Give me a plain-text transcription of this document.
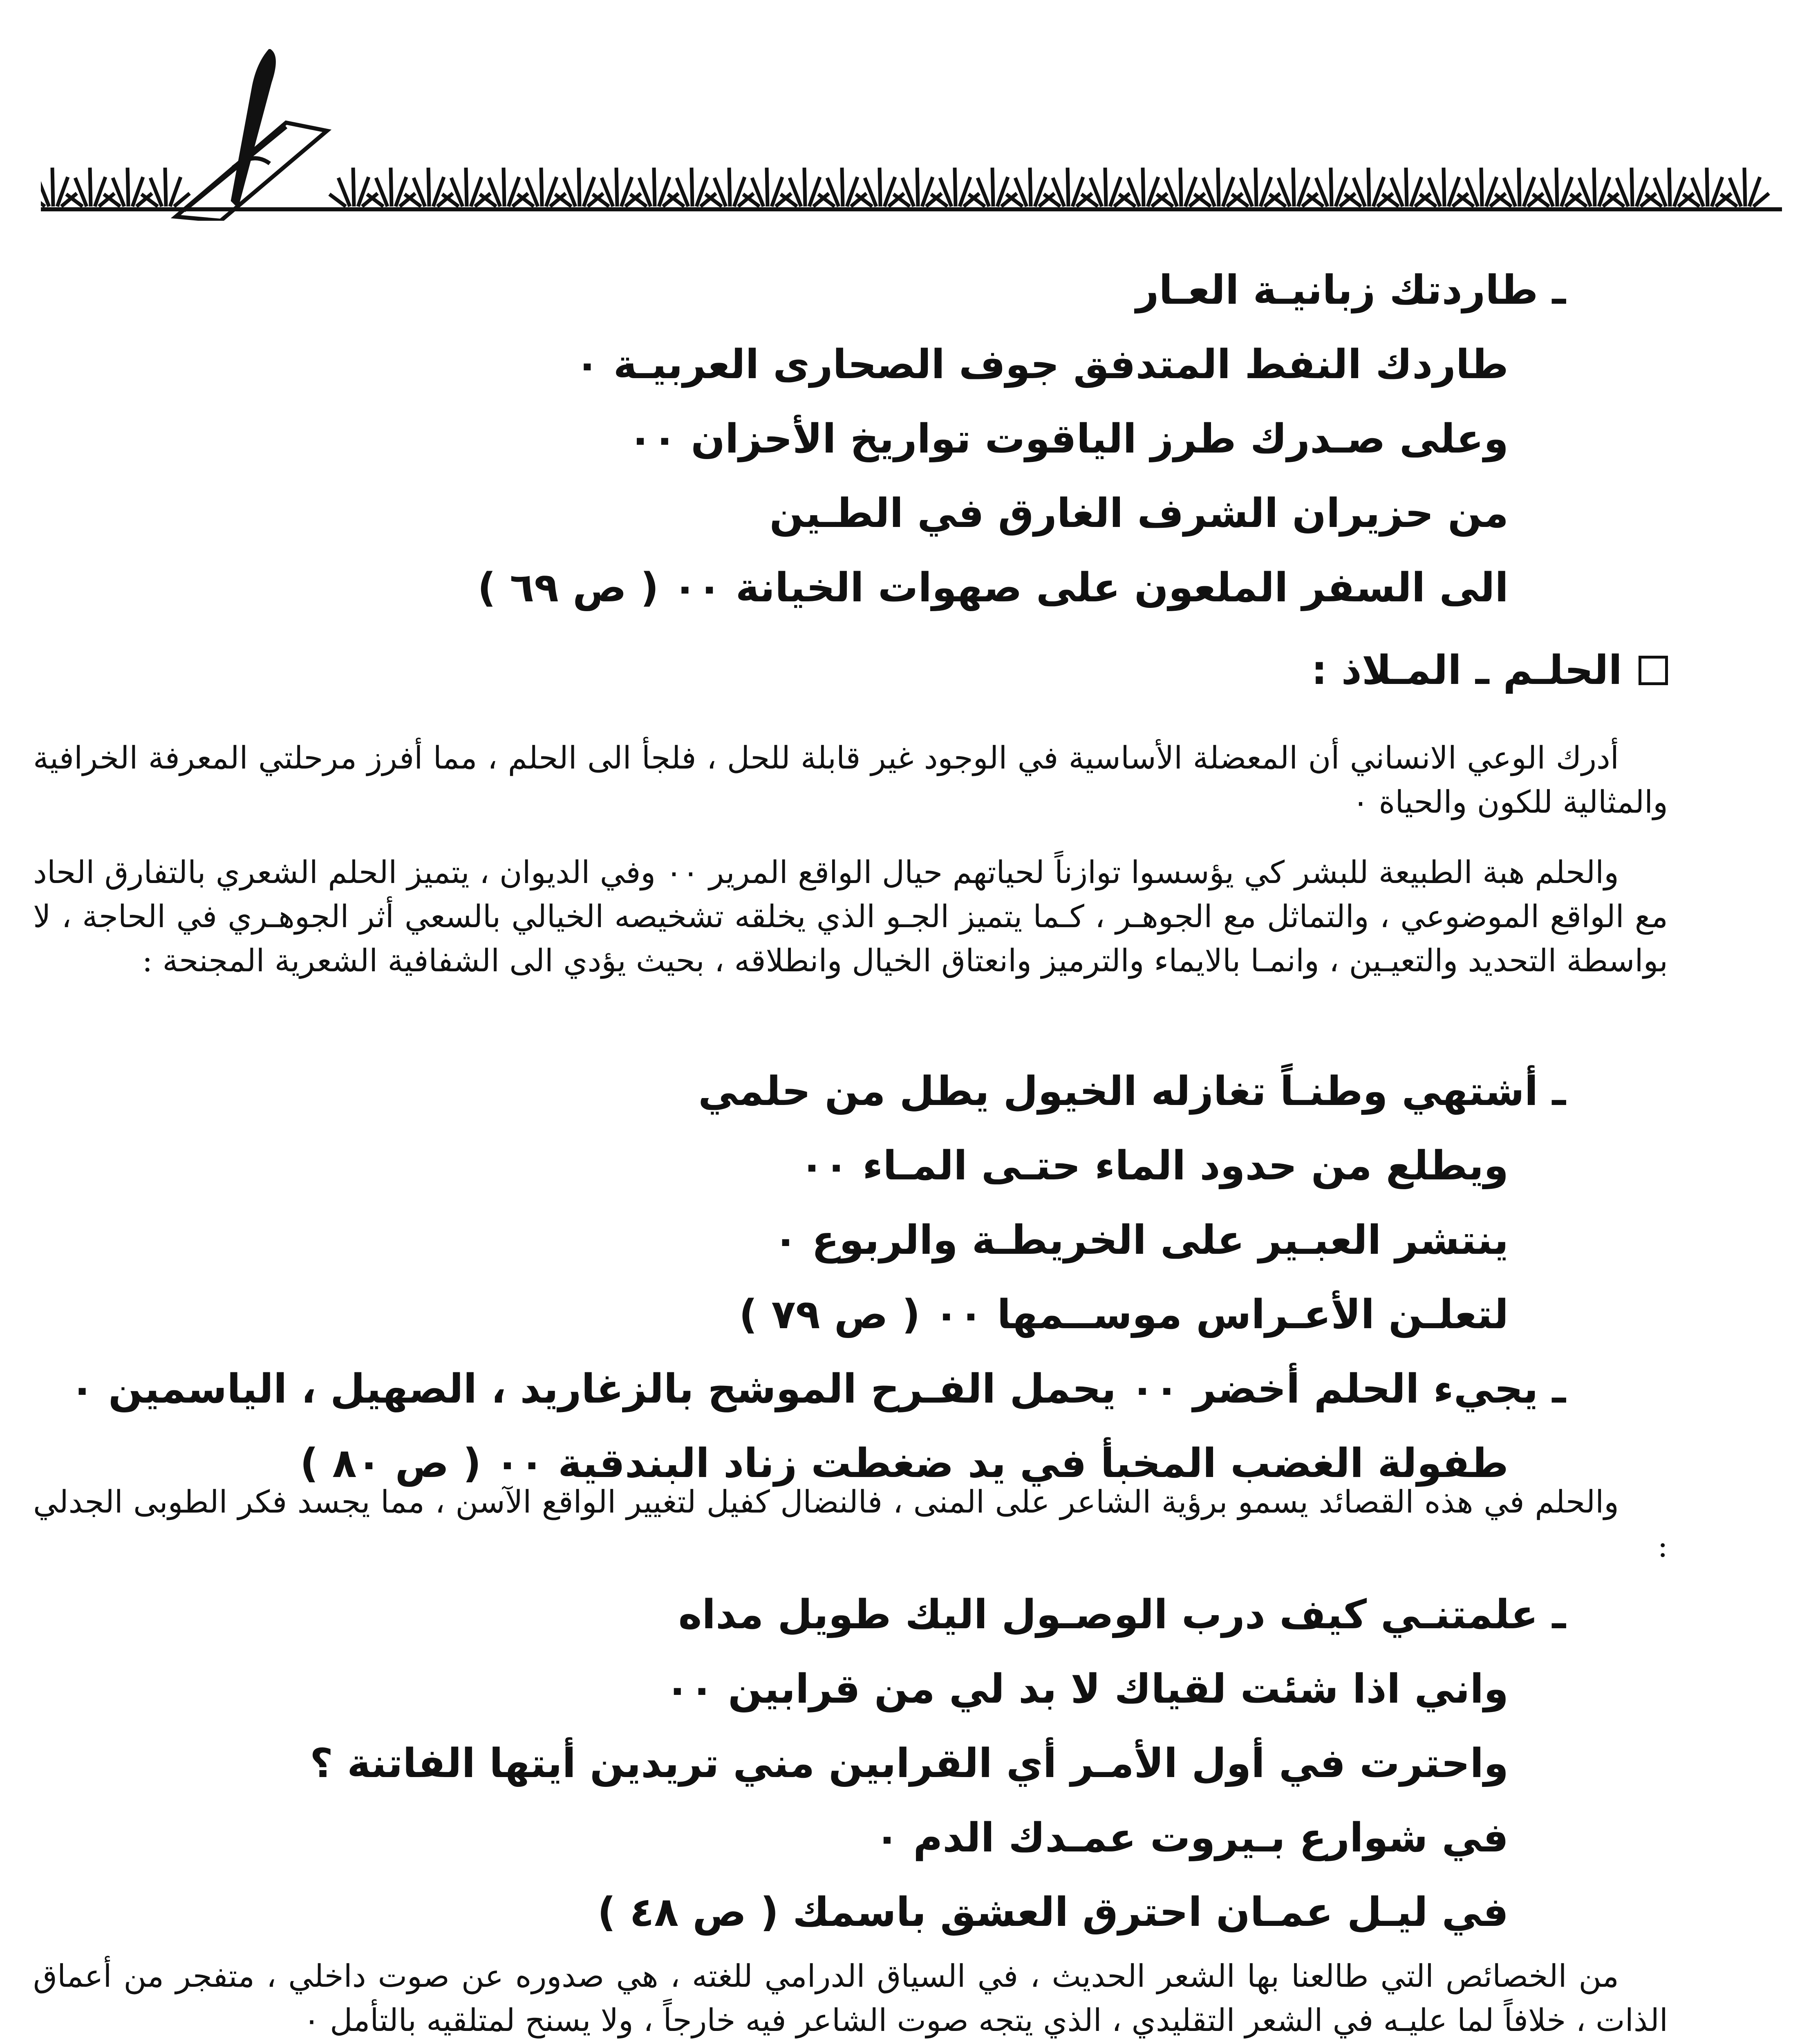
ـ طاردتك زبانيـة العـار
طاردك النفط المتدفق جوف الصحارى العربيـة ٠
وعلى صـدرك طرز الياقوت تواريخ الأحزان ٠٠
من حزيران الشرف الغارق في الطـين
الى السفر الملعون على صهوات الخيانة ٠٠ ( ص ٦٩ )
الحلـم ـ المـلاذ :

أدرك الوعي الانساني أن المعضلة الأساسية في الوجود غير قابلة للحل ، فلجأ الى الحلم ، مما أفرز مرحلتي المعرفة الخرافية والمثالية للكون والحياة ٠

والحلم هبة الطبيعة للبشر كي يؤسسوا توازناً لحياتهم حيال الواقع المرير ٠٠ وفي الديوان ، يتميز الحلم الشعري بالتفارق الحاد مع الواقع الموضوعي ، والتماثل مع الجوهـر ، كـما يتميز الجـو الذي يخلقه تشخيصه الخيالي بالسعي أثر الجوهـري في الحاجة ، لا بواسطة التحديد والتعيـين ، وانمـا بالايماء والترميز وانعتاق الخيال وانطلاقه ، بحيث يؤدي الى الشفافية الشعرية المجنحة :

ـ أشتهي وطنـاً تغازله الخيول يطل من حلمي
ويطلع من حدود الماء حتـى المـاء ٠٠
ينتشر العبـير على الخريطـة والربوع ٠
لتعلـن الأعـراس موســمها ٠٠ ( ص ٧٩ )
ـ يجيء الحلم أخضر ٠٠ يحمل الفـرح الموشح بالزغاريد ، الصهيل ، الياسمين ٠
طفولة الغضب المخبأ في يد ضغطت زناد البندقية ٠٠ ( ص ٨٠ )

والحلم في هذه القصائد يسمو برؤية الشاعر على المنى ، فالنضال كفيل لتغيير الواقع الآسن ، مما يجسد فكر الطوبى الجدلي :

ـ علمتنـي كيف درب الوصـول اليك طويل مداه
واني اذا شئت لقياك لا بد لي من قرابين ٠٠
واحترت في أول الأمـر أي القرابين مني تريدين أيتها الفاتنة ؟
في شوارع بـيروت عمـدك الدم ٠
في ليـل عمـان احترق العشق باسمك ( ص ٤٨ )

من الخصائص التي طالعنا بها الشعر الحديث ، في السياق الدرامي للغته ، هي صدوره عن صوت داخلي ، متفجر من أعماق الذات ، خلافاً لما عليـه في الشعر التقليدي ، الذي يتجه صوت الشاعر فيه خارجاً ، ولا يسنح لمتلقيه بالتأمل ٠
